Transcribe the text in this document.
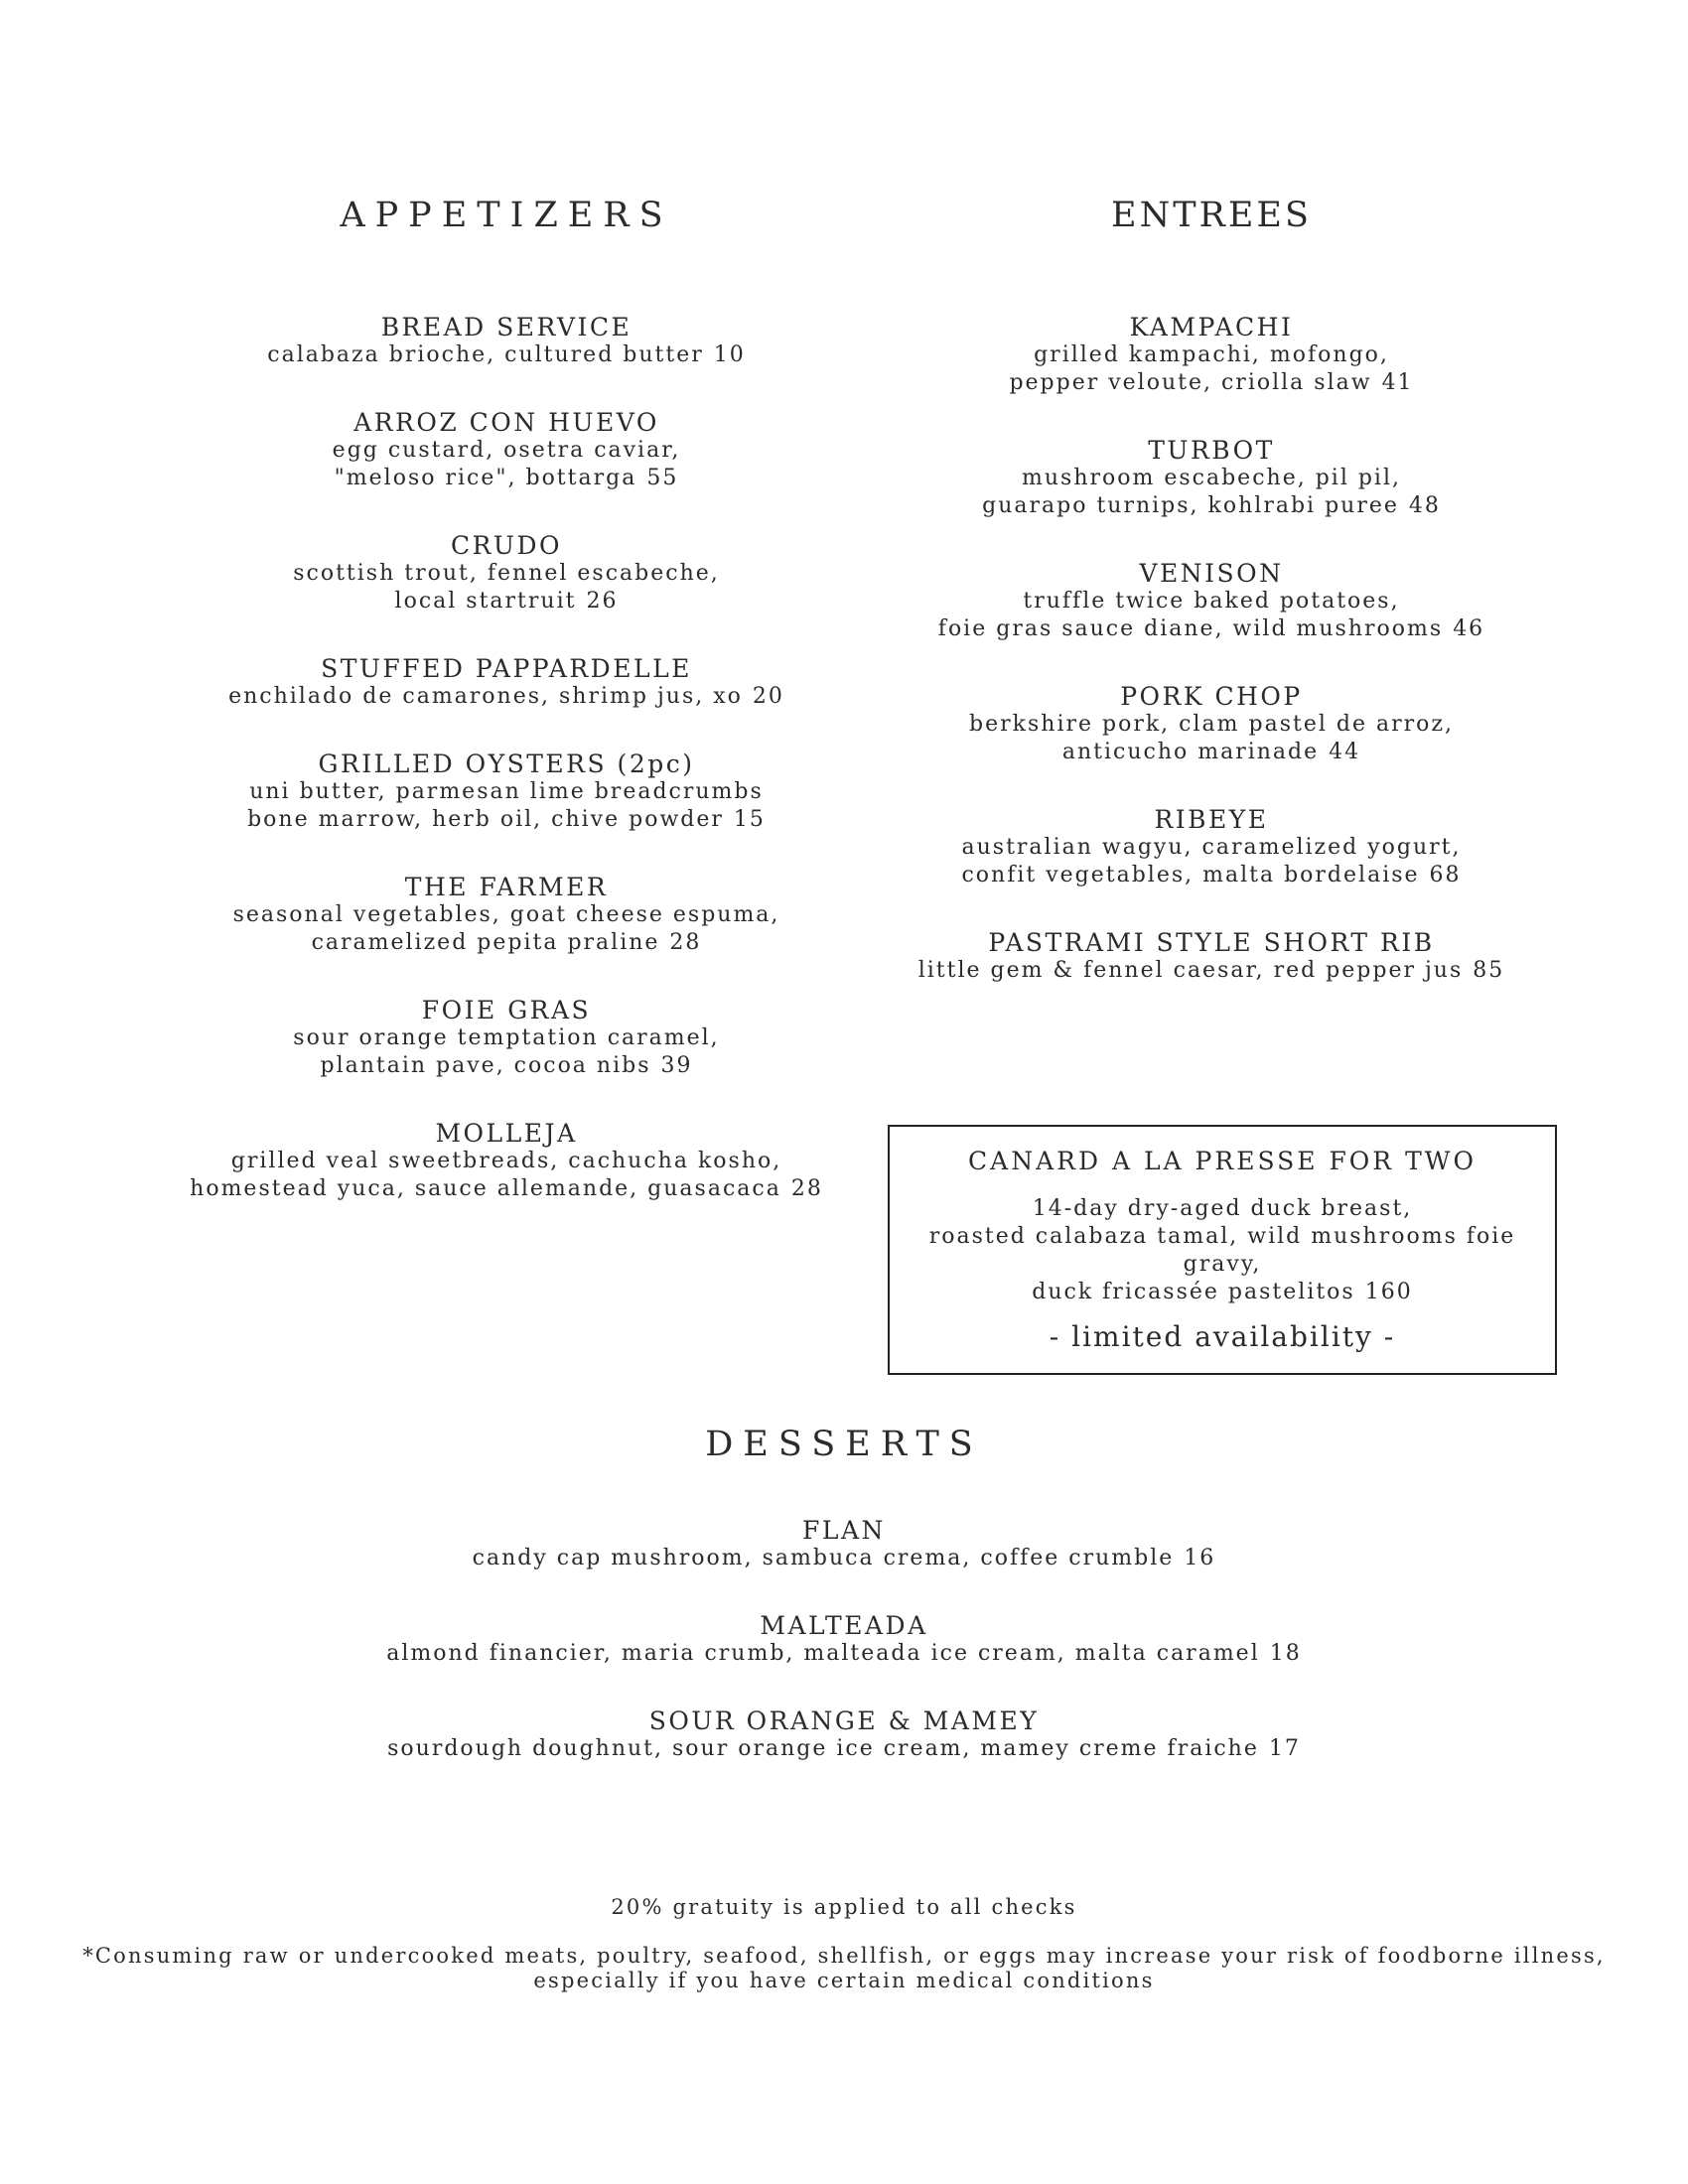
APPETIZERS

BREAD SERVICE

calabaza brioche, cultured butter 10

ARROZ CON HUEVO

egg custard, osetra caviar,
"meloso rice", bottarga 55

CRUDO

scottish trout, fennel escabeche,
local startruit 26

STUFFED PAPPARDELLE

enchilado de camarones, shrimp jus, xo 20

GRILLED OYSTERS (2pc)

uni butter, parmesan lime breadcrumbs
bone marrow, herb oil, chive powder 15

THE FARMER

seasonal vegetables, goat cheese espuma,
caramelized pepita praline 28

FOIE GRAS

sour orange temptation caramel,
plantain pave, cocoa nibs 39

MOLLEJA

grilled veal sweetbreads, cachucha kosho,
homestead yuca, sauce allemande, guasacaca 28

ENTREES

KAMPACHI

grilled kampachi, mofongo,
pepper veloute, criolla slaw 41

TURBOT

mushroom escabeche, pil pil,
guarapo turnips, kohlrabi puree 48

VENISON

truffle twice baked potatoes,
foie gras sauce diane, wild mushrooms 46

PORK CHOP

berkshire pork, clam pastel de arroz,
anticucho marinade 44

RIBEYE

australian wagyu, caramelized yogurt,
confit vegetables, malta bordelaise 68

PASTRAMI STYLE SHORT RIB

little gem & fennel caesar, red pepper jus 85

CANARD A LA PRESSE FOR TWO
14-day dry-aged duck breast,
roasted calabaza tamal, wild mushrooms foie gravy,
duck fricassée pastelitos 160
- limited availability -
DESSERTS

FLAN

candy cap mushroom, sambuca crema, coffee crumble 16

MALTEADA

almond financier, maria crumb, malteada ice cream, malta caramel 18

SOUR ORANGE & MAMEY

sourdough doughnut, sour orange ice cream, mamey creme fraiche 17

20% gratuity is applied to all checks

*Consuming raw or undercooked meats, poultry, seafood, shellfish, or eggs may increase your risk of foodborne illness,

especially if you have certain medical conditions
